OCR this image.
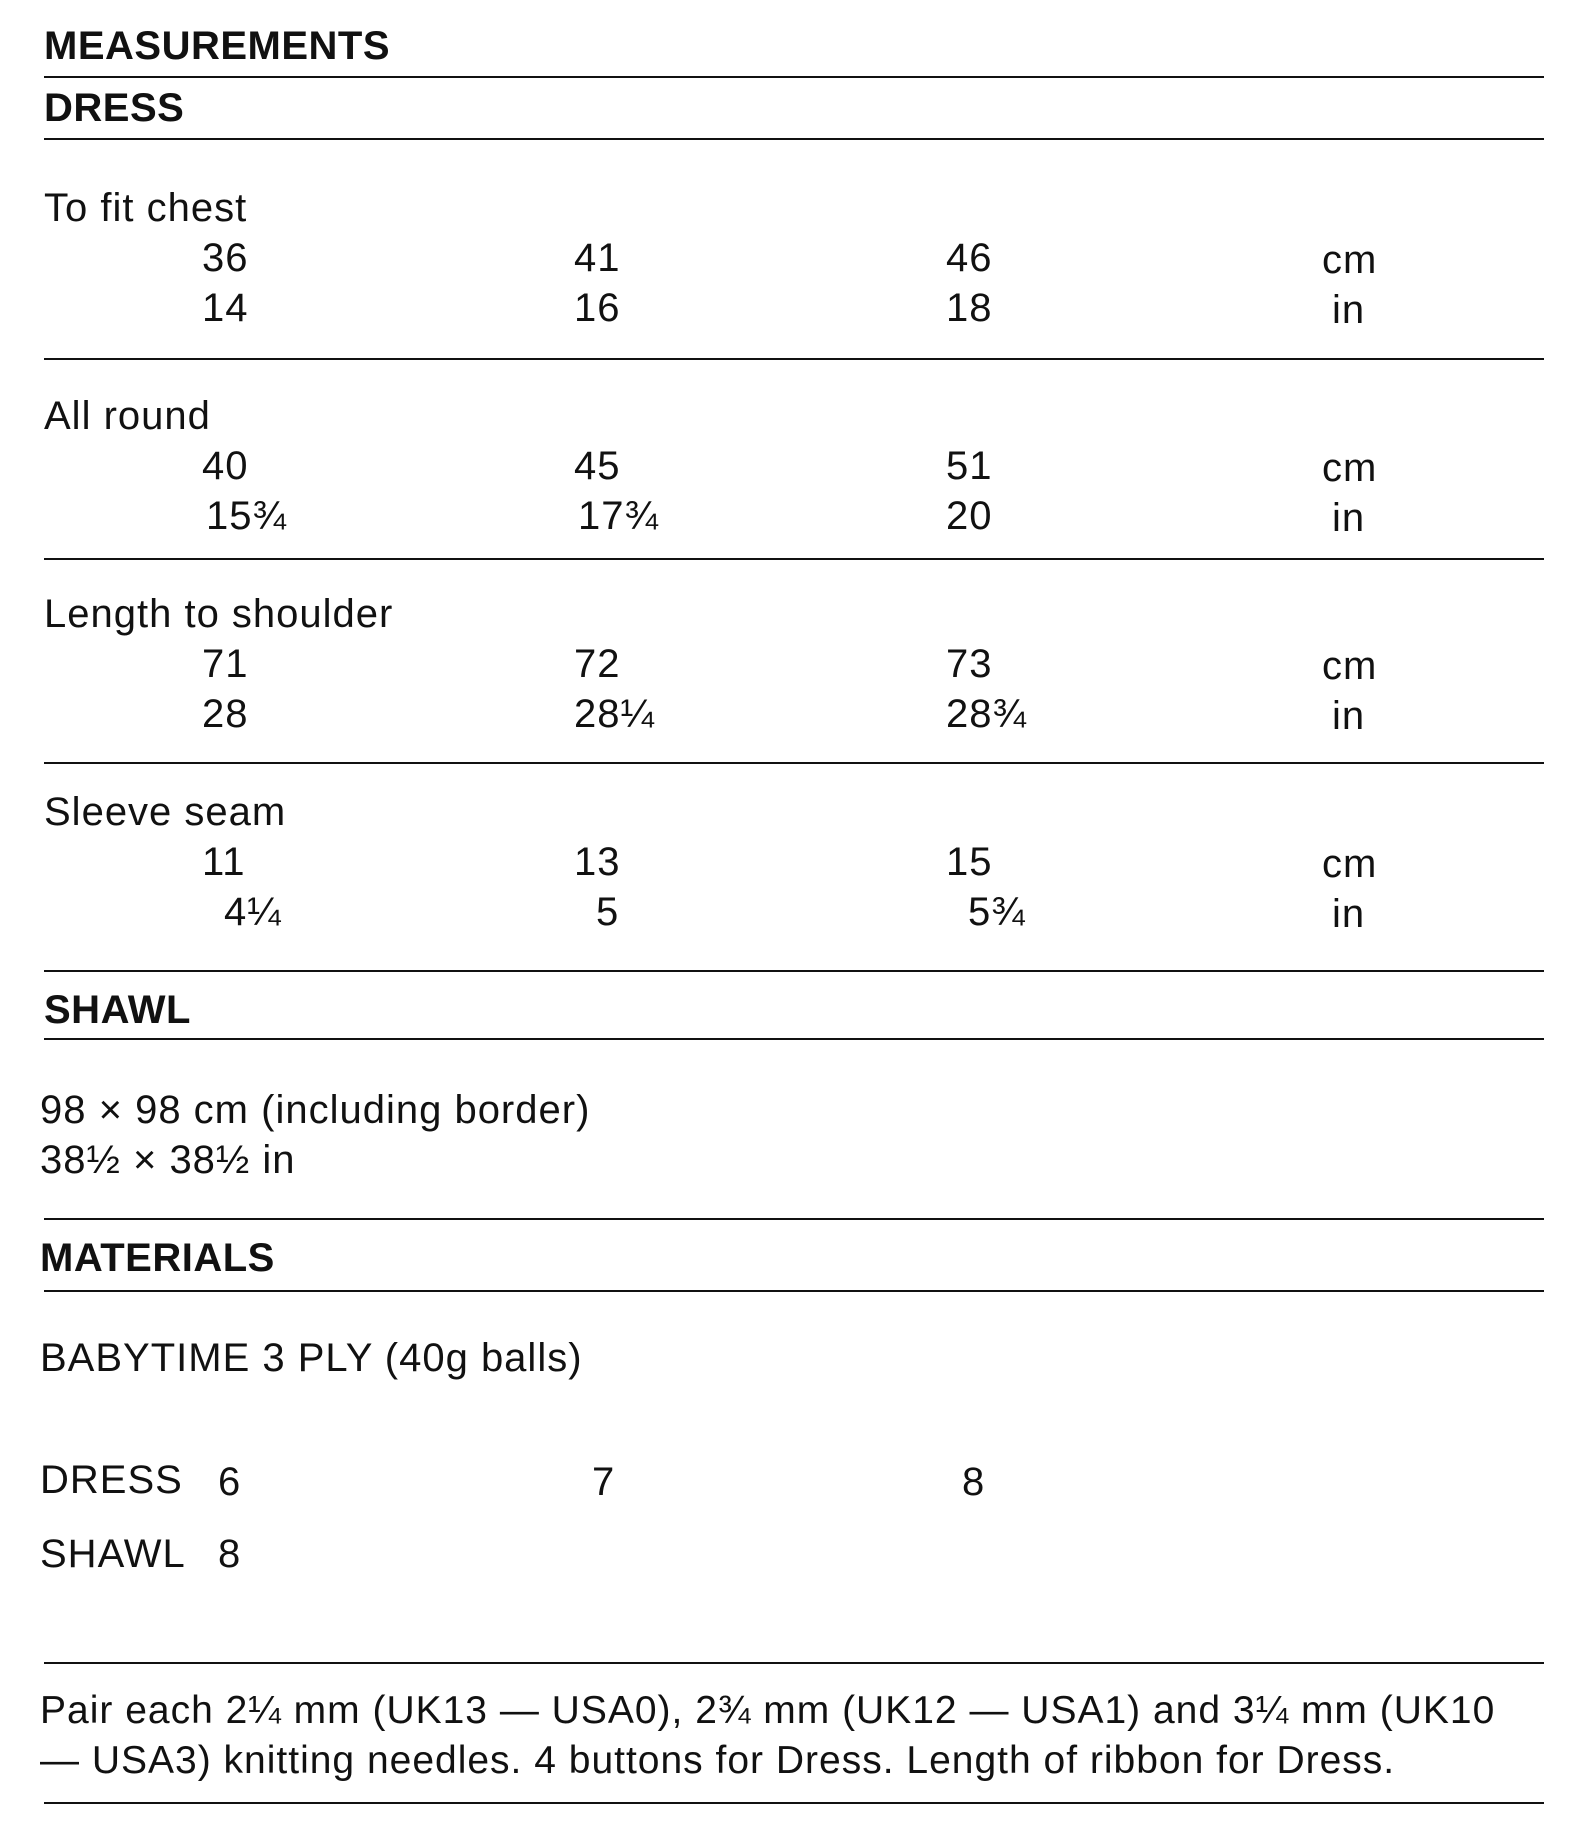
MEASUREMENTS
DRESS
To fit chest
36	41	46	cm
14	16	18	in
All round
40	45	51	cm
15¾	17¾	20	in
Length to shoulder
71	72	73	cm
28	28¼	28¾	in
Sleeve seam
11	13	15	cm
4¼	5	5¾	in
SHAWL
98 × 98 cm (including border)
38½ × 38½ in
MATERIALS
BABYTIME 3 PLY (40g balls)
DRESS 6	7	8
SHAWL 8
Pair each 2¼ mm (UK13 — USA0), 2¾ mm (UK12 — USA1) and 3¼ mm (UK10
— USA3) knitting needles. 4 buttons for Dress. Length of ribbon for Dress.
